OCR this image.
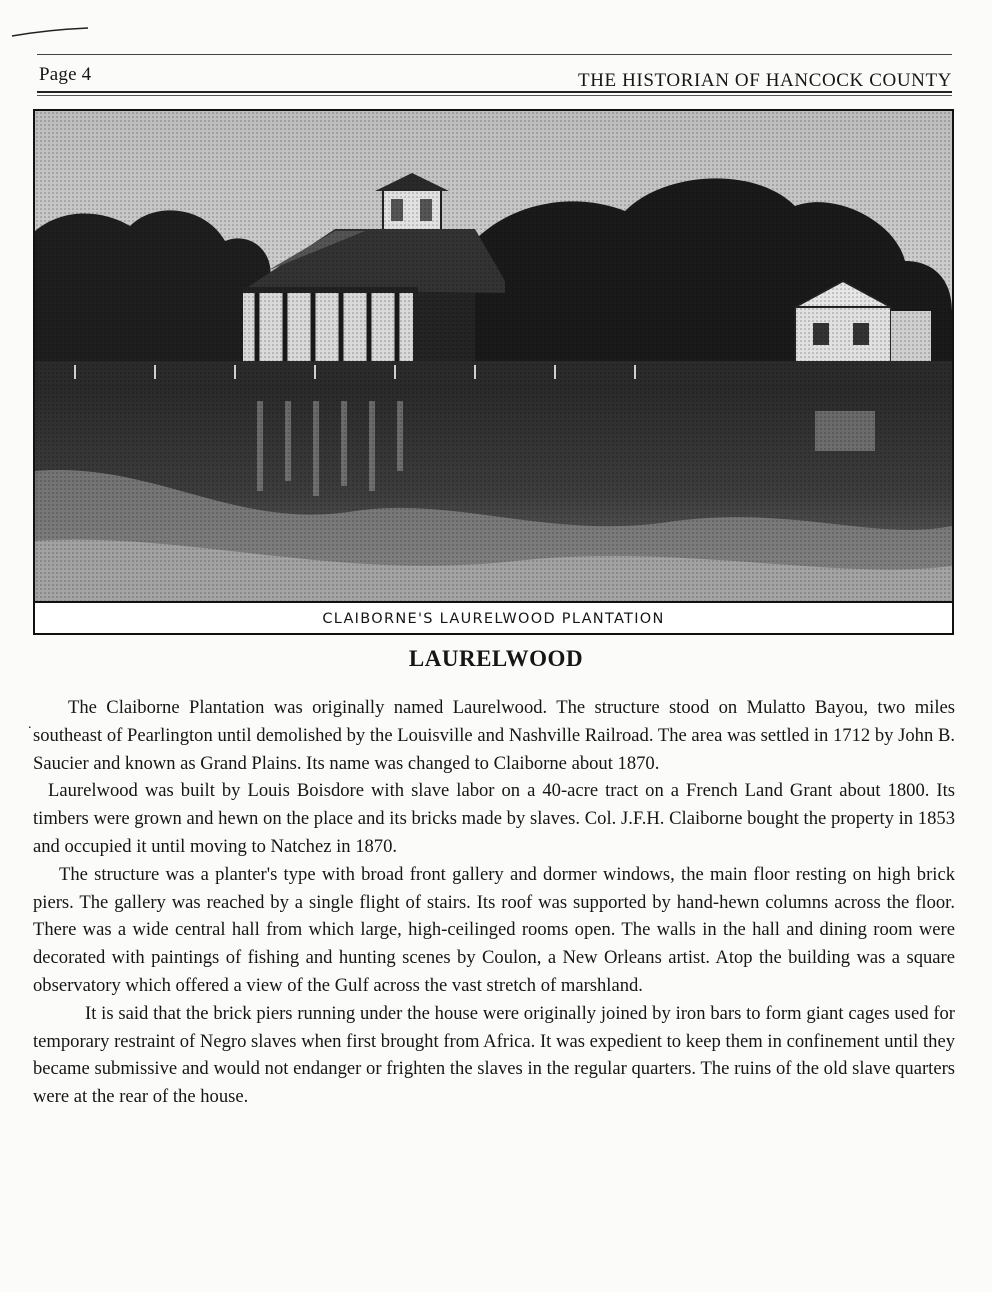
Page 4	THE HISTORIAN OF HANCOCK COUNTY
CLAIBORNE'S LAURELWOOD PLANTATION
LAURELWOOD
.

The Claiborne Plantation was originally named Laurelwood. The structure stood on Mulatto Bayou, two miles southeast of Pearlington until demolished by the Louisville and Nashville Railroad. The area was settled in 1712 by John B. Saucier and known as Grand Plains. Its name was changed to Claiborne about 1870.

Laurelwood was built by Louis Boisdore with slave labor on a 40-acre tract on a French Land Grant about 1800. Its timbers were grown and hewn on the place and its bricks made by slaves. Col. J.F.H. Claiborne bought the property in 1853 and occupied it until moving to Natchez in 1870.

The structure was a planter's type with broad front gallery and dormer windows, the main floor resting on high brick piers. The gallery was reached by a single flight of stairs. Its roof was supported by hand-hewn columns across the floor. There was a wide central hall from which large, high-ceilinged rooms open. The walls in the hall and dining room were decorated with paintings of fishing and hunting scenes by Coulon, a New Orleans artist. Atop the building was a square observatory which offered a view of the Gulf across the vast stretch of marshland.

It is said that the brick piers running under the house were originally joined by iron bars to form giant cages used for temporary restraint of Negro slaves when first brought from Africa. It was expedient to keep them in confinement until they became submissive and would not endanger or frighten the slaves in the regular quarters. The ruins of the old slave quarters were at the rear of the house.
